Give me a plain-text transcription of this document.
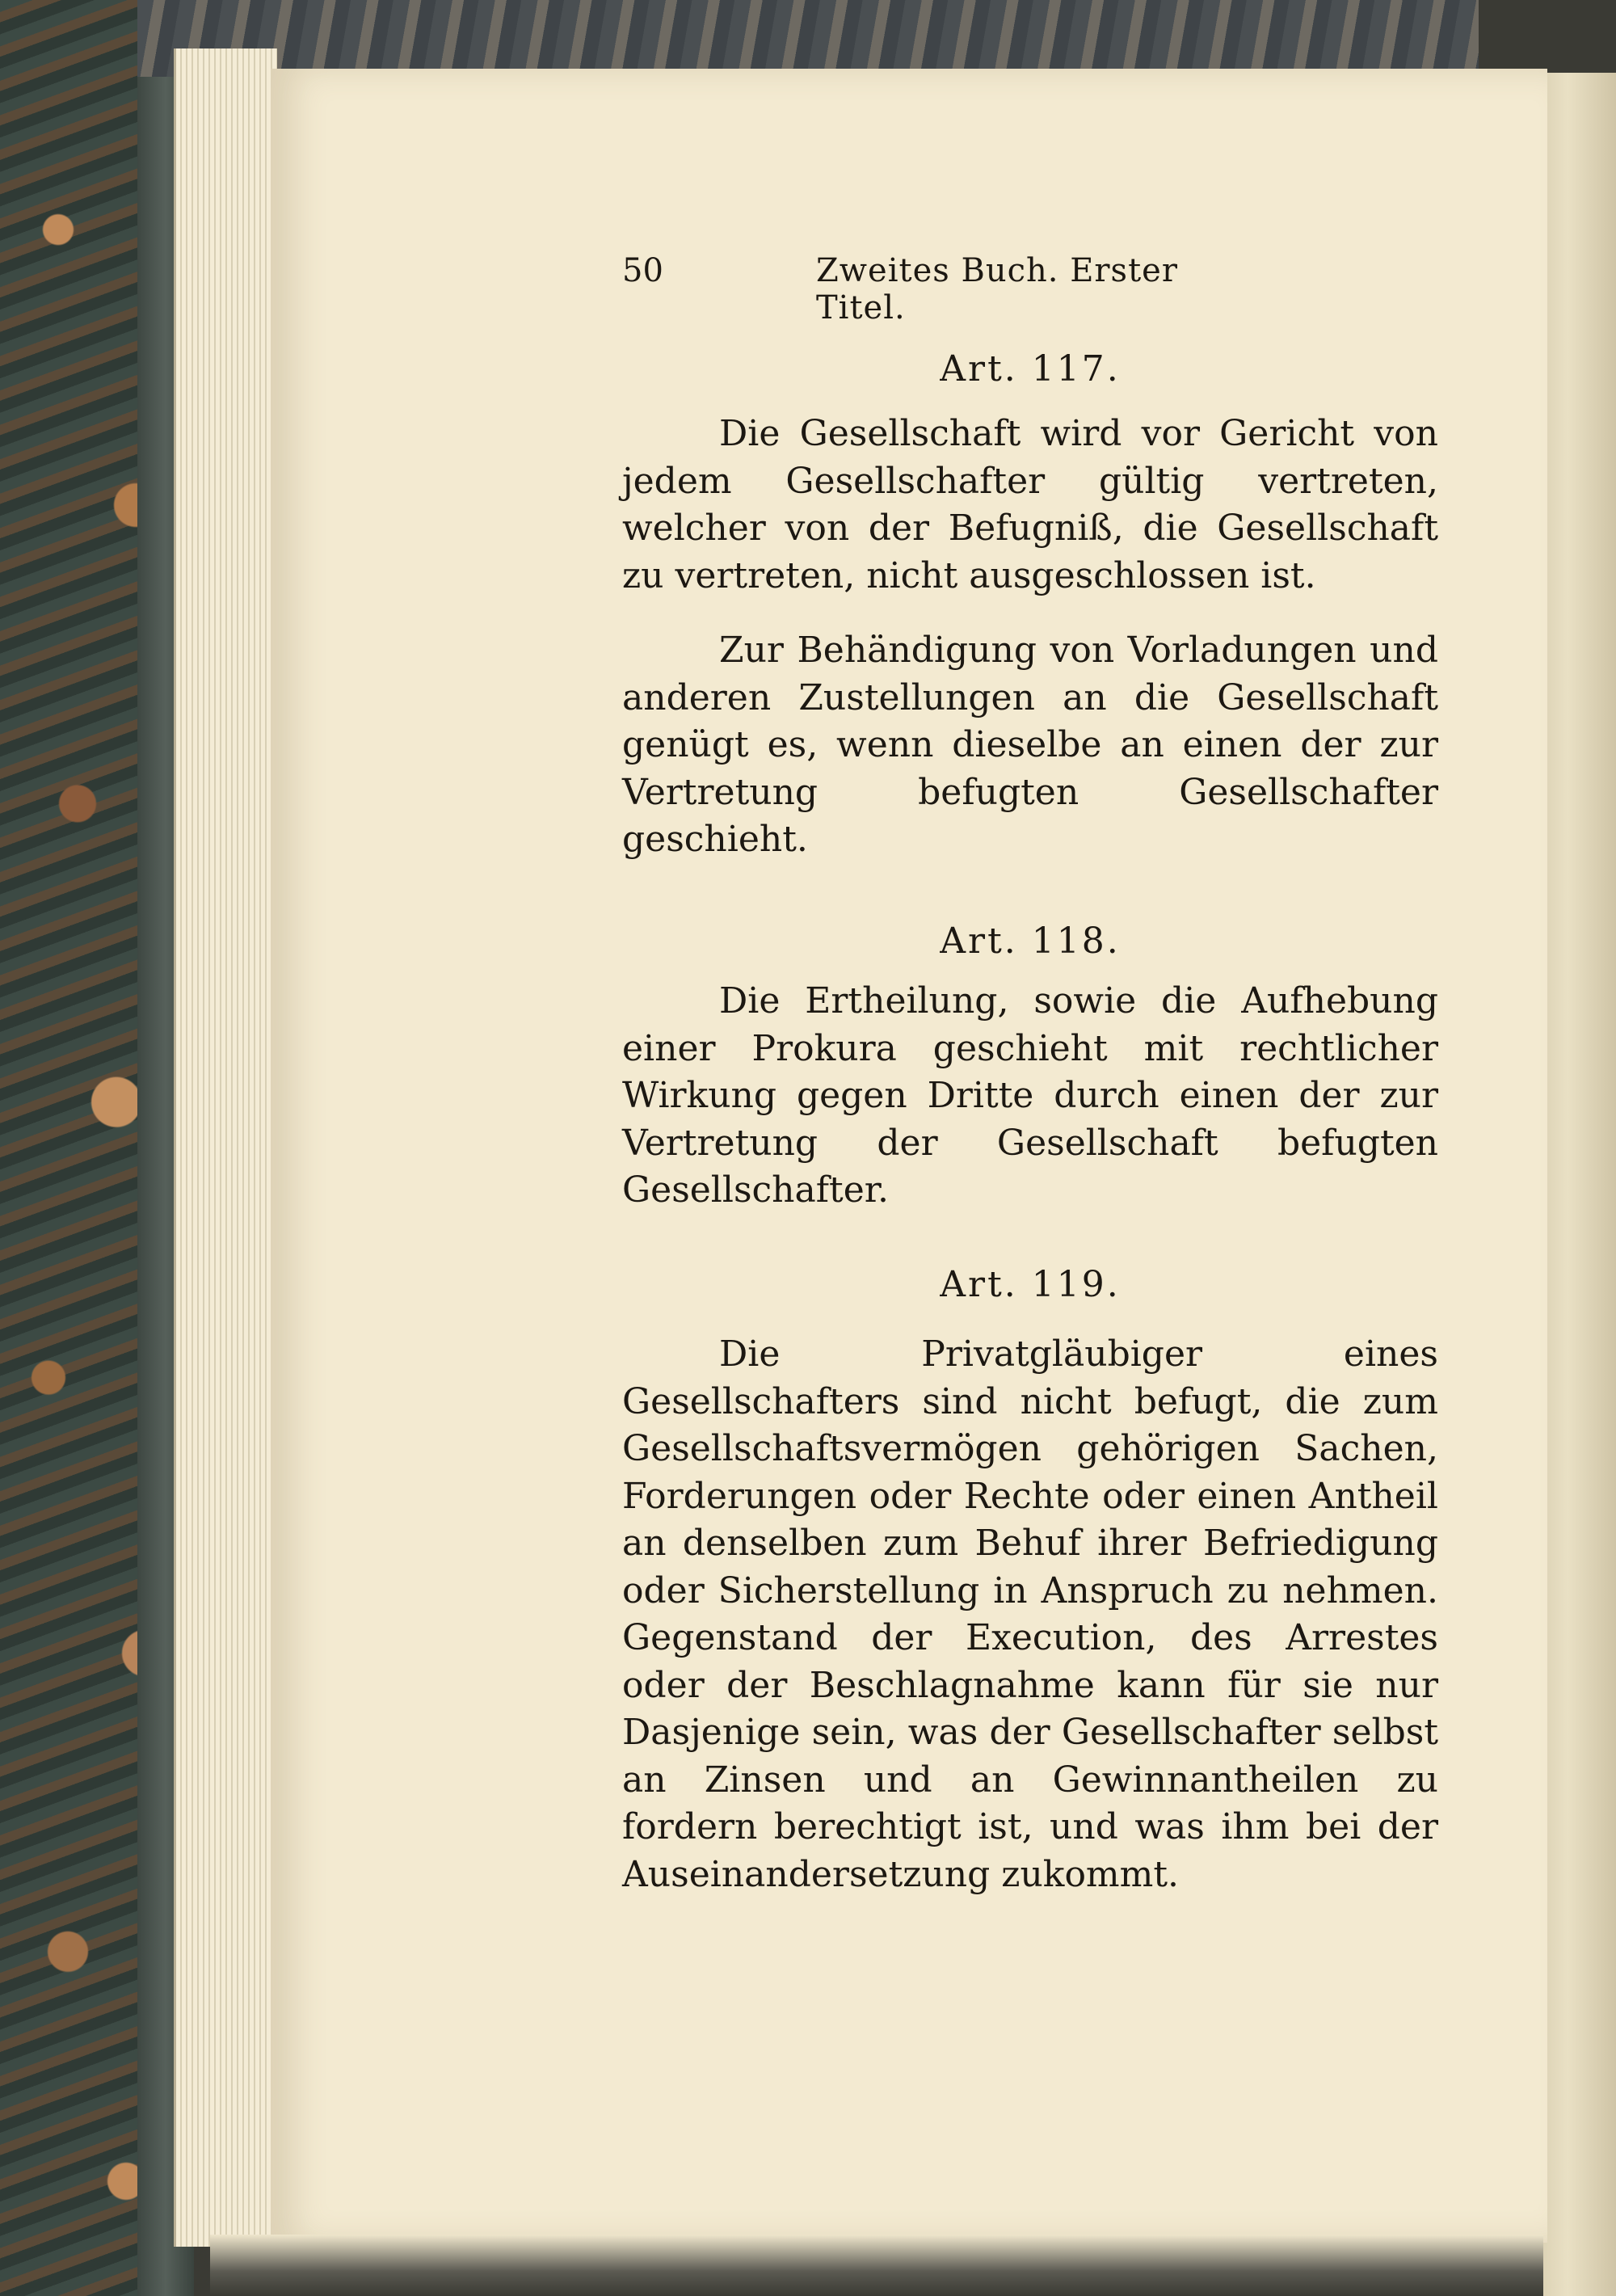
50	Zweites Buch. Erster Titel.
Art. 117.

Die Gesellschaft wird vor Gericht von jedem Gesellschafter gültig vertreten, welcher von der Befugniß, die Gesellschaft zu vertreten, nicht ausgeschlossen ist.

Zur Behändigung von Vorladungen und anderen Zustellungen an die Gesellschaft genügt es, wenn dieselbe an einen der zur Vertretung befugten Gesellschafter geschieht.

Art. 118.

Die Ertheilung, sowie die Aufhebung einer Prokura geschieht mit rechtlicher Wirkung gegen Dritte durch einen der zur Vertretung der Gesellschaft befugten Gesellschafter.

Art. 119.

Die Privatgläubiger eines Gesellschafters sind nicht befugt, die zum Gesellschaftsvermögen gehörigen Sachen, Forderungen oder Rechte oder einen Antheil an denselben zum Behuf ihrer Befriedigung oder Sicherstellung in Anspruch zu nehmen. Gegenstand der Execution, des Arrestes oder der Beschlagnahme kann für sie nur Dasjenige sein, was der Gesellschafter selbst an Zinsen und an Gewinnantheilen zu fordern berechtigt ist, und was ihm bei der Auseinandersetzung zukommt.
